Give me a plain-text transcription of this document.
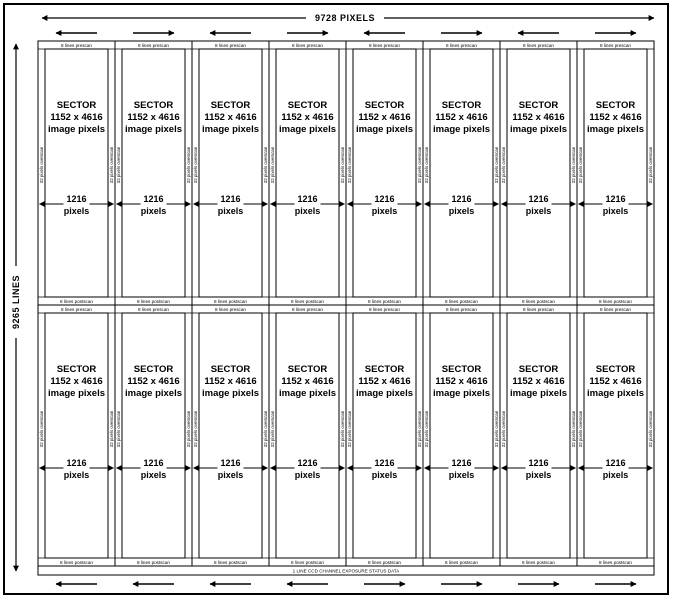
9728 PIXELS
9265 LINES
1 LINE CCD CHANNEL EXPOSURE STATUS DATA
8 lines prescan
8 lines postscan
SECTOR
1152 x 4616
image pixels
32 pixels overscan	32 pixels overscan
1216
pixels
8 lines prescan
8 lines postscan
SECTOR
1152 x 4616
image pixels
32 pixels overscan	32 pixels overscan
1216
pixels
8 lines prescan
8 lines postscan
SECTOR
1152 x 4616
image pixels
32 pixels overscan	32 pixels overscan
1216
pixels
8 lines prescan
8 lines postscan
SECTOR
1152 x 4616
image pixels
32 pixels overscan	32 pixels overscan
1216
pixels
8 lines prescan
8 lines postscan
SECTOR
1152 x 4616
image pixels
32 pixels overscan	32 pixels overscan
1216
pixels
8 lines prescan
8 lines postscan
SECTOR
1152 x 4616
image pixels
32 pixels overscan	32 pixels overscan
1216
pixels
8 lines prescan
8 lines postscan
SECTOR
1152 x 4616
image pixels
32 pixels overscan	32 pixels overscan
1216
pixels
8 lines prescan
8 lines postscan
SECTOR
1152 x 4616
image pixels
32 pixels overscan	32 pixels overscan
1216
pixels
8 lines prescan
8 lines postscan
SECTOR
1152 x 4616
image pixels
32 pixels overscan	32 pixels overscan
1216
pixels
8 lines prescan
8 lines postscan
SECTOR
1152 x 4616
image pixels
32 pixels overscan	32 pixels overscan
1216
pixels
8 lines prescan
8 lines postscan
SECTOR
1152 x 4616
image pixels
32 pixels overscan	32 pixels overscan
1216
pixels
8 lines prescan
8 lines postscan
SECTOR
1152 x 4616
image pixels
32 pixels overscan	32 pixels overscan
1216
pixels
8 lines prescan
8 lines postscan
SECTOR
1152 x 4616
image pixels
32 pixels overscan	32 pixels overscan
1216
pixels
8 lines prescan
8 lines postscan
SECTOR
1152 x 4616
image pixels
32 pixels overscan	32 pixels overscan
1216
pixels
8 lines prescan
8 lines postscan
SECTOR
1152 x 4616
image pixels
32 pixels overscan	32 pixels overscan
1216
pixels
8 lines prescan
8 lines postscan
SECTOR
1152 x 4616
image pixels
32 pixels overscan	32 pixels overscan
1216
pixels
